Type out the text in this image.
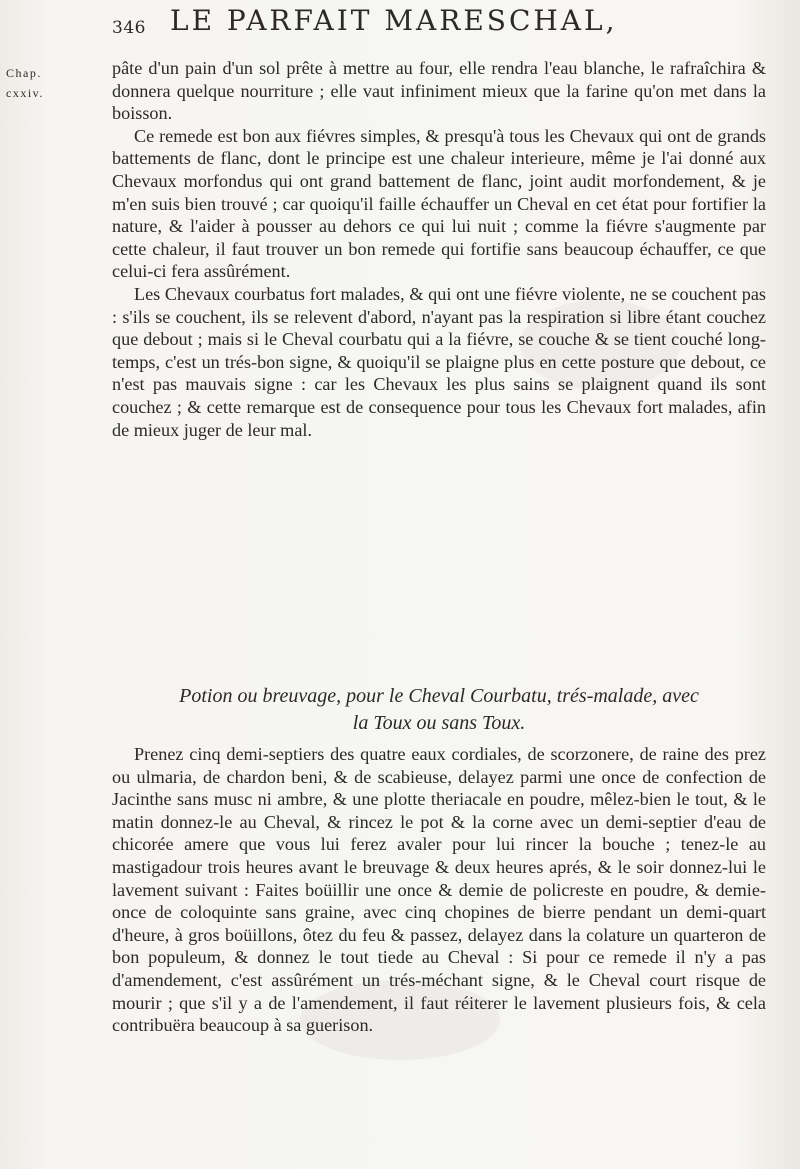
346 LE PARFAIT MARESCHAL,
Chap.
cxxiv.

pâte d'un pain d'un sol prête à mettre au four, elle rendra l'eau blanche, le rafraîchira & donnera quelque nourriture ; elle vaut infiniment mieux que la farine qu'on met dans la boisson.

Ce remede est bon aux fiévres simples, & presqu'à tous les Chevaux qui ont de grands battements de flanc, dont le principe est une chaleur interieure, même je l'ai donné aux Chevaux morfondus qui ont grand battement de flanc, joint audit morfondement, & je m'en suis bien trouvé ; car quoiqu'il faille échauffer un Cheval en cet état pour fortifier la nature, & l'aider à pousser au dehors ce qui lui nuit ; comme la fiévre s'augmente par cette chaleur, il faut trouver un bon remede qui fortifie sans beaucoup échauffer, ce que celui-ci fera assûrément.

Les Chevaux courbatus fort malades, & qui ont une fiévre violente, ne se couchent pas : s'ils se couchent, ils se relevent d'abord, n'ayant pas la respiration si libre étant couchez que debout ; mais si le Cheval courbatu qui a la fiévre, se couche & se tient couché long-temps, c'est un trés-bon signe, & quoiqu'il se plaigne plus en cette posture que debout, ce n'est pas mauvais signe : car les Chevaux les plus sains se plaignent quand ils sont couchez ; & cette remarque est de consequence pour tous les Chevaux fort malades, afin de mieux juger de leur mal.

Potion ou breuvage, pour le Cheval Courbatu, trés-malade, avec
la Toux ou sans Toux.

Prenez cinq demi-septiers des quatre eaux cordiales, de scorzonere, de raine des prez ou ulmaria, de chardon beni, & de scabieuse, delayez parmi une once de confection de Jacinthe sans musc ni ambre, & une plotte theriacale en poudre, mêlez-bien le tout, & le matin donnez-le au Cheval, & rincez le pot & la corne avec un demi-septier d'eau de chicorée amere que vous lui ferez avaler pour lui rincer la bouche ; tenez-le au mastigadour trois heures avant le breuvage & deux heures aprés, & le soir donnez-lui le lavement suivant : Faites boüillir une once & demie de policreste en poudre, & demie-once de coloquinte sans graine, avec cinq chopines de bierre pendant un demi-quart d'heure, à gros boüillons, ôtez du feu & passez, delayez dans la colature un quarteron de bon populeum, & donnez le tout tiede au Cheval : Si pour ce remede il n'y a pas d'amendement, c'est assûrément un trés-méchant signe, & le Cheval court risque de mourir ; que s'il y a de l'amendement, il faut réiterer le lavement plusieurs fois, & cela contribuëra beaucoup à sa guerison.
